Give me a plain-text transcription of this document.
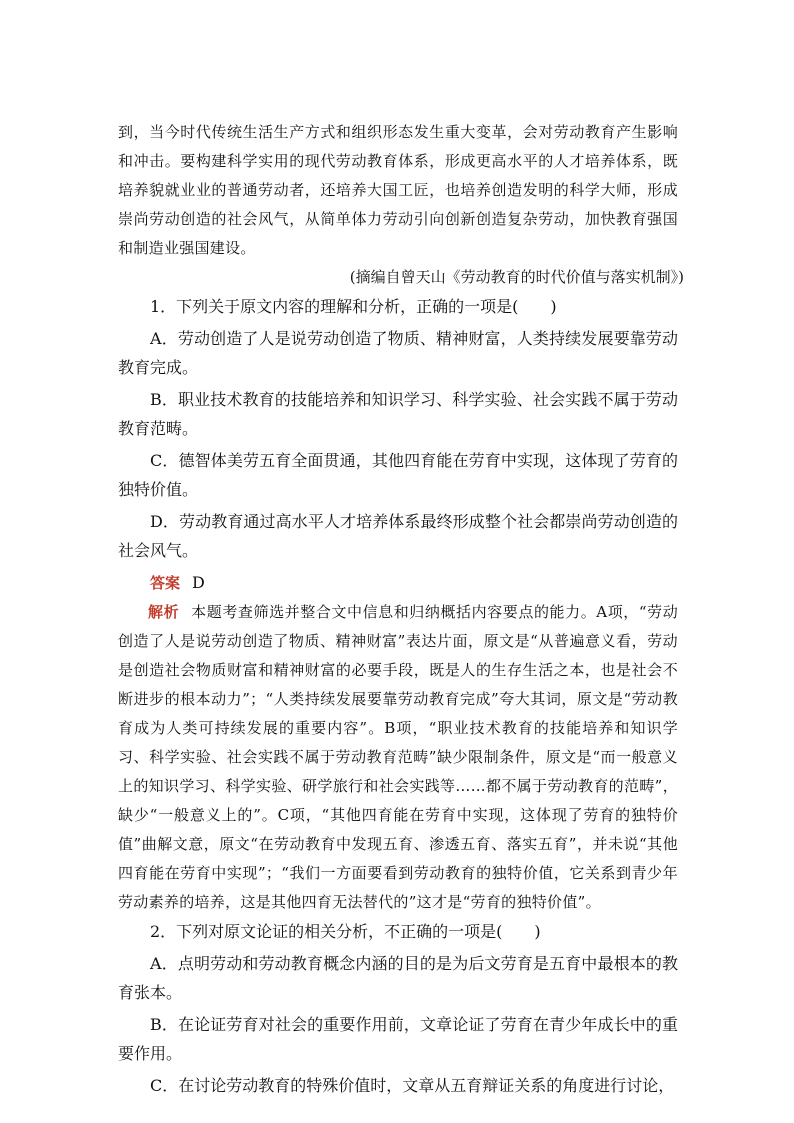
到，当今时代传统生活生产方式和组织形态发生重大变革，会对劳动教育产生影响和冲击。要构建科学实用的现代劳动教育体系，形成更高水平的人才培养体系，既培养貌就业业的普通劳动者，还培养大国工匠，也培养创造发明的科学大师，形成崇尚劳动创造的社会风气，从简单体力劳动引向创新创造复杂劳动，加快教育强国和制造业强国建设。

(摘编自曾天山《劳动教育的时代价值与落实机制》)

1．下列关于原文内容的理解和分析，正确的一项是(　　)

A．劳动创造了人是说劳动创造了物质、精神财富，人类持续发展要靠劳动教育完成。

B．职业技术教育的技能培养和知识学习、科学实验、社会实践不属于劳动教育范畴。

C．德智体美劳五育全面贯通，其他四育能在劳育中实现，这体现了劳育的独特价值。

D．劳动教育通过高水平人才培养体系最终形成整个社会都崇尚劳动创造的社会风气。

答案 D

解析 本题考查筛选并整合文中信息和归纳概括内容要点的能力。A项，“劳动创造了人是说劳动创造了物质、精神财富”表达片面，原文是“从普遍意义看，劳动是创造社会物质财富和精神财富的必要手段，既是人的生存生活之本，也是社会不断进步的根本动力”；“人类持续发展要靠劳动教育完成”夸大其词，原文是“劳动教育成为人类可持续发展的重要内容”。B项，“职业技术教育的技能培养和知识学习、科学实验、社会实践不属于劳动教育范畴”缺少限制条件，原文是“而一般意义上的知识学习、科学实验、研学旅行和社会实践等……都不属于劳动教育的范畴”，缺少“一般意义上的”。C项，“其他四育能在劳育中实现，这体现了劳育的独特价值”曲解文意，原文“在劳动教育中发现五育、渗透五育、落实五育”，并未说“其他四育能在劳育中实现”；“我们一方面要看到劳动教育的独特价值，它关系到青少年劳动素养的培养，这是其他四育无法替代的”这才是“劳育的独特价值”。

2．下列对原文论证的相关分析，不正确的一项是(　　)

A．点明劳动和劳动教育概念内涵的目的是为后文劳育是五育中最根本的教育张本。

B．在论证劳育对社会的重要作用前，文章论证了劳育在青少年成长中的重要作用。

C．在讨论劳动教育的特殊价值时，文章从五育辩证关系的角度进行讨论，
